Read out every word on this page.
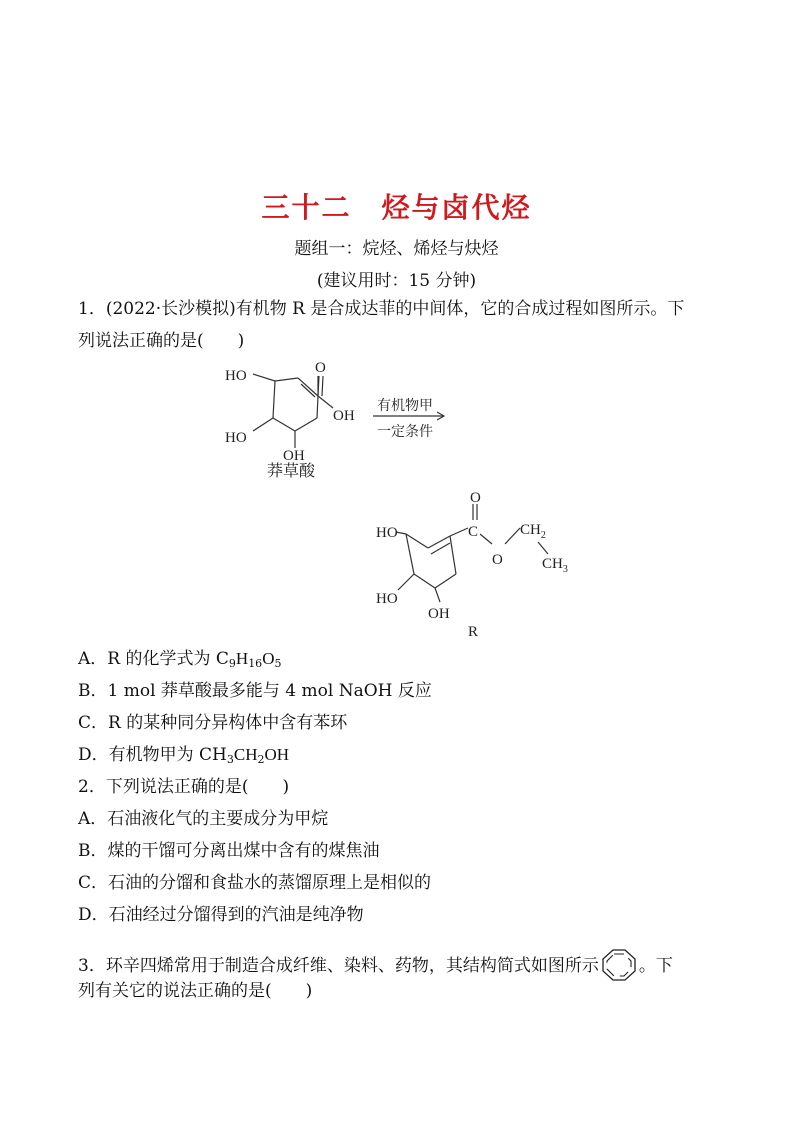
三十二　烃与卤代烃
题组一：烷烃、烯烃与炔烃
(建议用时：15 分钟)
1．(2022·长沙模拟)有机物 R 是合成达菲的中间体，它的合成过程如图所示。下
列说法正确的是(　　)
HO
HO
OH
O
OH
有机物甲
一定条件
莽草酸
O
C
O
$CH_2$
$CH_3$
HO
HO
OH
R
A．R 的化学式为 $C_9H_{16}O_5$
B．1 mol 莽草酸最多能与 4 mol NaOH 反应
C．R 的某种同分异构体中含有苯环
D．有机物甲为 $CH_3CH_2OH$
2．下列说法正确的是(　　)
A．石油液化气的主要成分为甲烷
B．煤的干馏可分离出煤中含有的煤焦油
C．石油的分馏和食盐水的蒸馏原理上是相似的
D．石油经过分馏得到的汽油是纯净物
3．环辛四烯常用于制造合成纤维、染料、药物，其结构简式如图所示 。下
列有关它的说法正确的是(　　)
